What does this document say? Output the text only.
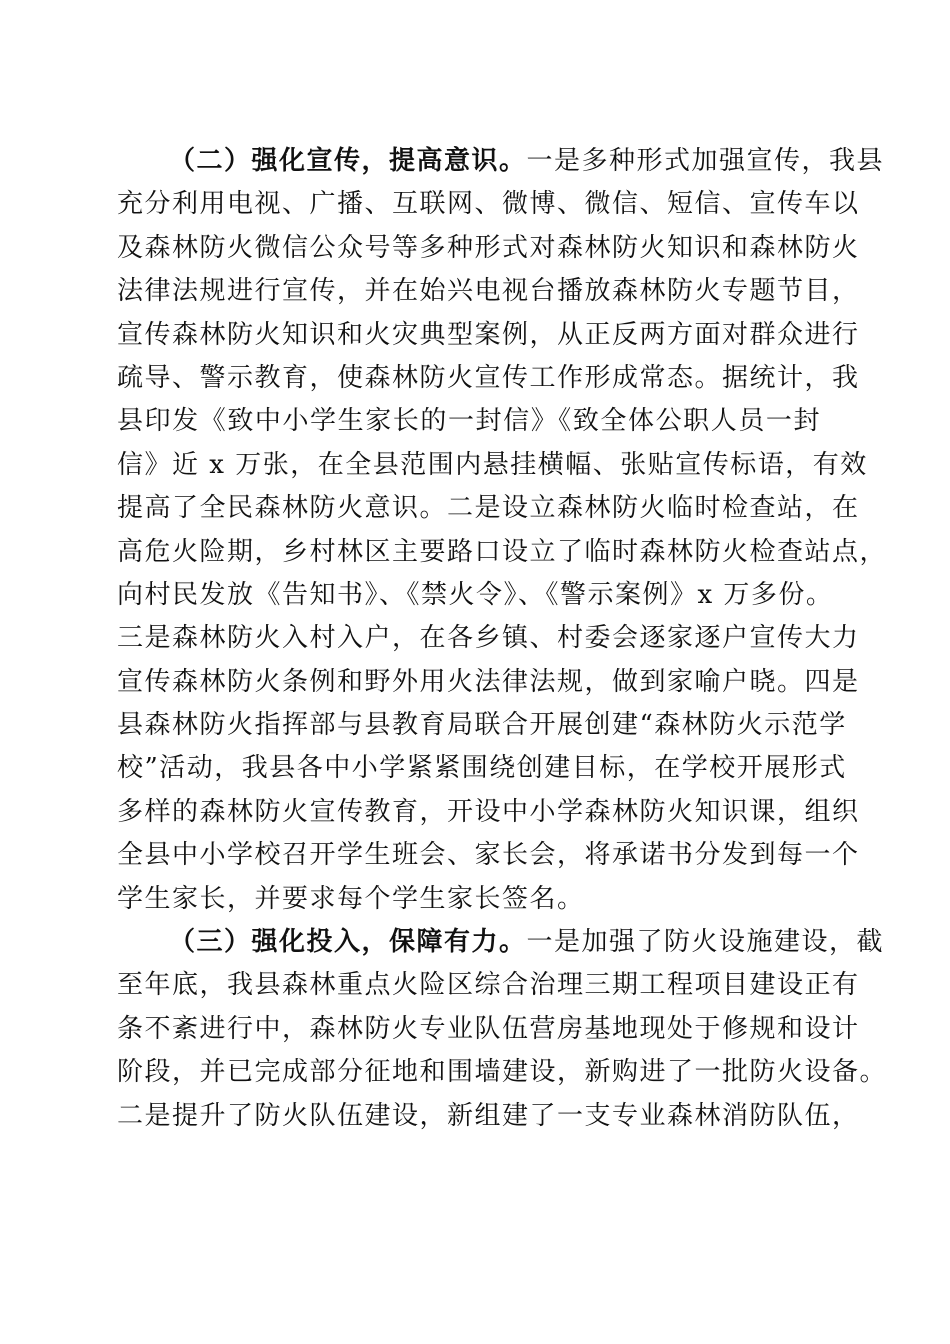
（二）强化宣传，提高意识。一是多种形式加强宣传，我县
充分利用电视、广播、互联网、微博、微信、短信、宣传车以
及森林防火微信公众号等多种形式对森林防火知识和森林防火
法律法规进行宣传，并在始兴电视台播放森林防火专题节目，
宣传森林防火知识和火灾典型案例，从正反两方面对群众进行
疏导、警示教育，使森林防火宣传工作形成常态。据统计，我
县印发《致中小学生家长的一封信》《致全体公职人员一封
信》近 x 万张，在全县范围内悬挂横幅、张贴宣传标语，有效
提高了全民森林防火意识。二是设立森林防火临时检查站，在
高危火险期，乡村林区主要路口设立了临时森林防火检查站点，
向村民发放《告知书》、《禁火令》、《警示案例》x 万多份。
三是森林防火入村入户，在各乡镇、村委会逐家逐户宣传大力
宣传森林防火条例和野外用火法律法规，做到家喻户晓。四是
县森林防火指挥部与县教育局联合开展创建“森林防火示范学
校”活动，我县各中小学紧紧围绕创建目标，在学校开展形式
多样的森林防火宣传教育，开设中小学森林防火知识课，组织
全县中小学校召开学生班会、家长会，将承诺书分发到每一个
学生家长，并要求每个学生家长签名。
（三）强化投入，保障有力。一是加强了防火设施建设，截
至年底，我县森林重点火险区综合治理三期工程项目建设正有
条不紊进行中，森林防火专业队伍营房基地现处于修规和设计
阶段，并已完成部分征地和围墙建设，新购进了一批防火设备。
二是提升了防火队伍建设，新组建了一支专业森林消防队伍，
